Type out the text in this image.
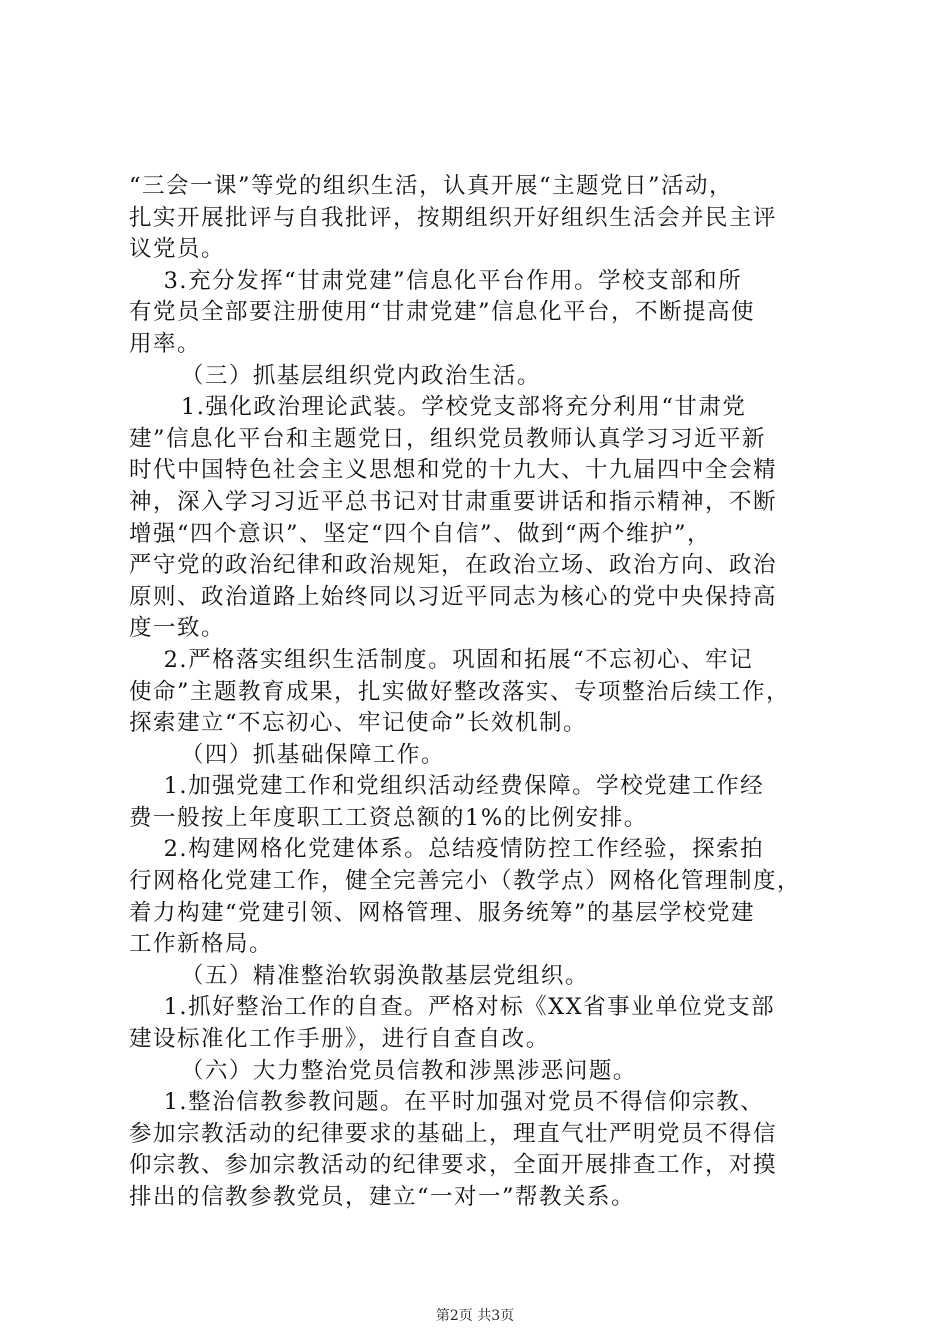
“三会一课”等党的组织生活，认真开展“主题党日”活动，
扎实开展批评与自我批评，按期组织开好组织生活会并民主评
议党员。
3.充分发挥“甘肃党建”信息化平台作用。学校支部和所
有党员全部要注册使用“甘肃党建”信息化平台，不断提高使
用率。
（三）抓基层组织党内政治生活。
1.强化政治理论武装。学校党支部将充分利用“甘肃党
建”信息化平台和主题党日，组织党员教师认真学习习近平新
时代中国特色社会主义思想和党的十九大、十九届四中全会精
神，深入学习习近平总书记对甘肃重要讲话和指示精神，不断
增强“四个意识”、坚定“四个自信”、做到“两个维护”，
严守党的政治纪律和政治规矩，在政治立场、政治方向、政治
原则、政治道路上始终同以习近平同志为核心的党中央保持高
度一致。
2.严格落实组织生活制度。巩固和拓展“不忘初心、牢记
使命”主题教育成果，扎实做好整改落实、专项整治后续工作，
探索建立“不忘初心、牢记使命”长效机制。
（四）抓基础保障工作。
1.加强党建工作和党组织活动经费保障。学校党建工作经
费一般按上年度职工工资总额的1%的比例安排。
2.构建网格化党建体系。总结疫情防控工作经验，探索拍
行网格化党建工作，健全完善完小（教学点）网格化管理制度，
着力构建“党建引领、网格管理、服务统筹”的基层学校党建
工作新格局。
（五）精准整治软弱涣散基层党组织。
1.抓好整治工作的自查。严格对标《XX省事业单位党支部
建设标准化工作手册》，进行自查自改。
（六）大力整治党员信教和涉黑涉恶问题。
1.整治信教参教问题。在平时加强对党员不得信仰宗教、
参加宗教活动的纪律要求的基础上，理直气壮严明党员不得信
仰宗教、参加宗教活动的纪律要求，全面开展排查工作，对摸
排出的信教参教党员，建立“一对一”帮教关系。
第2页 共3页
